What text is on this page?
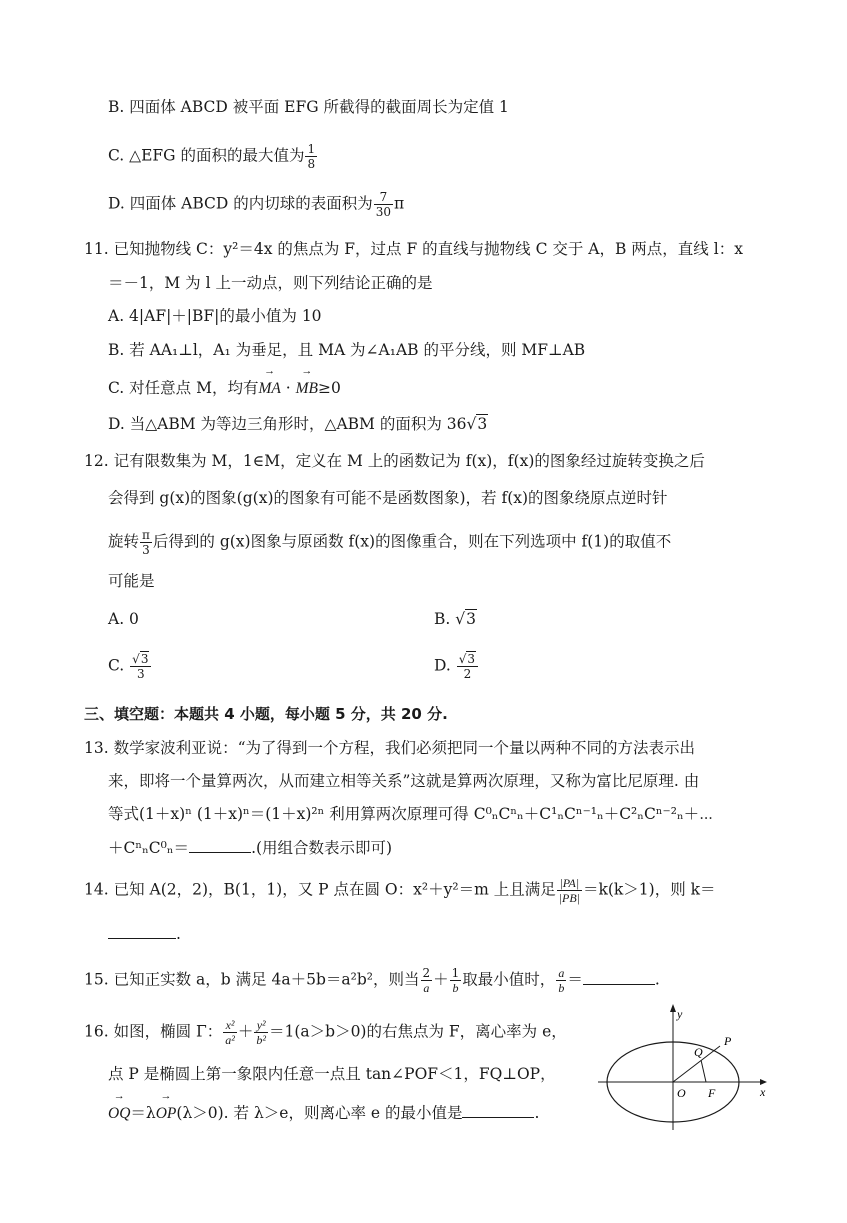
B. 四面体 ABCD 被平面 EFG 所截得的截面周长为定值 1
C. △EFG 的面积的最大值为 $\frac{1}{8}$
D. 四面体 ABCD 的内切球的表面积为 $\frac{7}{30}$ π
11. 已知抛物线 C：y²＝4x 的焦点为 F，过点 F 的直线与抛物线 C 交于 A，B 两点，直线 l：x
＝－1，M 为 l 上一动点，则下列结论正确的是
A. 4|AF|＋|BF|的最小值为 10
B. 若 AA₁⊥l，A₁ 为垂足，且 MA 为∠A₁AB 的平分线，则 MF⊥AB
C. 对任意点 M，均有→ MA · → MB≥0
D. 当△ABM 为等边三角形时，△ABM 的面积为 36√3
12. 记有限数集为 M，1∈M，定义在 M 上的函数记为 f(x)，f(x)的图象经过旋转变换之后
会得到 g(x)的图象(g(x)的图象有可能不是函数图象)，若 f(x)的图象绕原点逆时针
旋转 $\frac{\pi}{3}$ 后得到的 g(x)图象与原函数 f(x)的图像重合，则在下列选项中 f(1)的取值不
可能是
A. 0	B. √3
C. $\frac{√3}{3}$	D. $\frac{√3}{2}$
三、填空题：本题共 4 小题，每小题 5 分，共 20 分.
13. 数学家波利亚说：“为了得到一个方程，我们必须把同一个量以两种不同的方法表示出
来，即将一个量算两次，从而建立相等关系”这就是算两次原理，又称为富比尼原理. 由
等式(1＋x)ⁿ (1＋x)ⁿ＝(1＋x)²ⁿ 利用算两次原理可得 C⁰ₙCⁿₙ＋C¹ₙCⁿ⁻¹ₙ＋C²ₙCⁿ⁻²ₙ＋⋯
＋CⁿₙC⁰ₙ＝	.(用组合数表示即可)
14. 已知 A(2，2)，B(1，1)，又 P 点在圆 O：x²＋y²＝m 上且满足 $\frac{|PA|}{|PB|} =k(k>1)$，则 k＝
.
15. 已知正实数 a，b 满足 4a＋5b＝a²b²，则当 $\frac{2}{a} + \frac{1}{b}$ 取最小值时， $\frac{a}{b}$ ＝	.
16. 如图，椭圆 Γ： $\frac{\text{x²}}{\text{a²}} + \frac{\text{y²}}{\text{b²}} =1(a>b>0)$的右焦点为 F，离心率为 e，
点 P 是椭圆上第一象限内任意一点且 tan∠POF＜1，FQ⊥OP，
→ OQ＝λ→ OP(λ＞0). 若 λ＞e，则离心率 e 的最小值是	.
y
x
P
Q
O F
